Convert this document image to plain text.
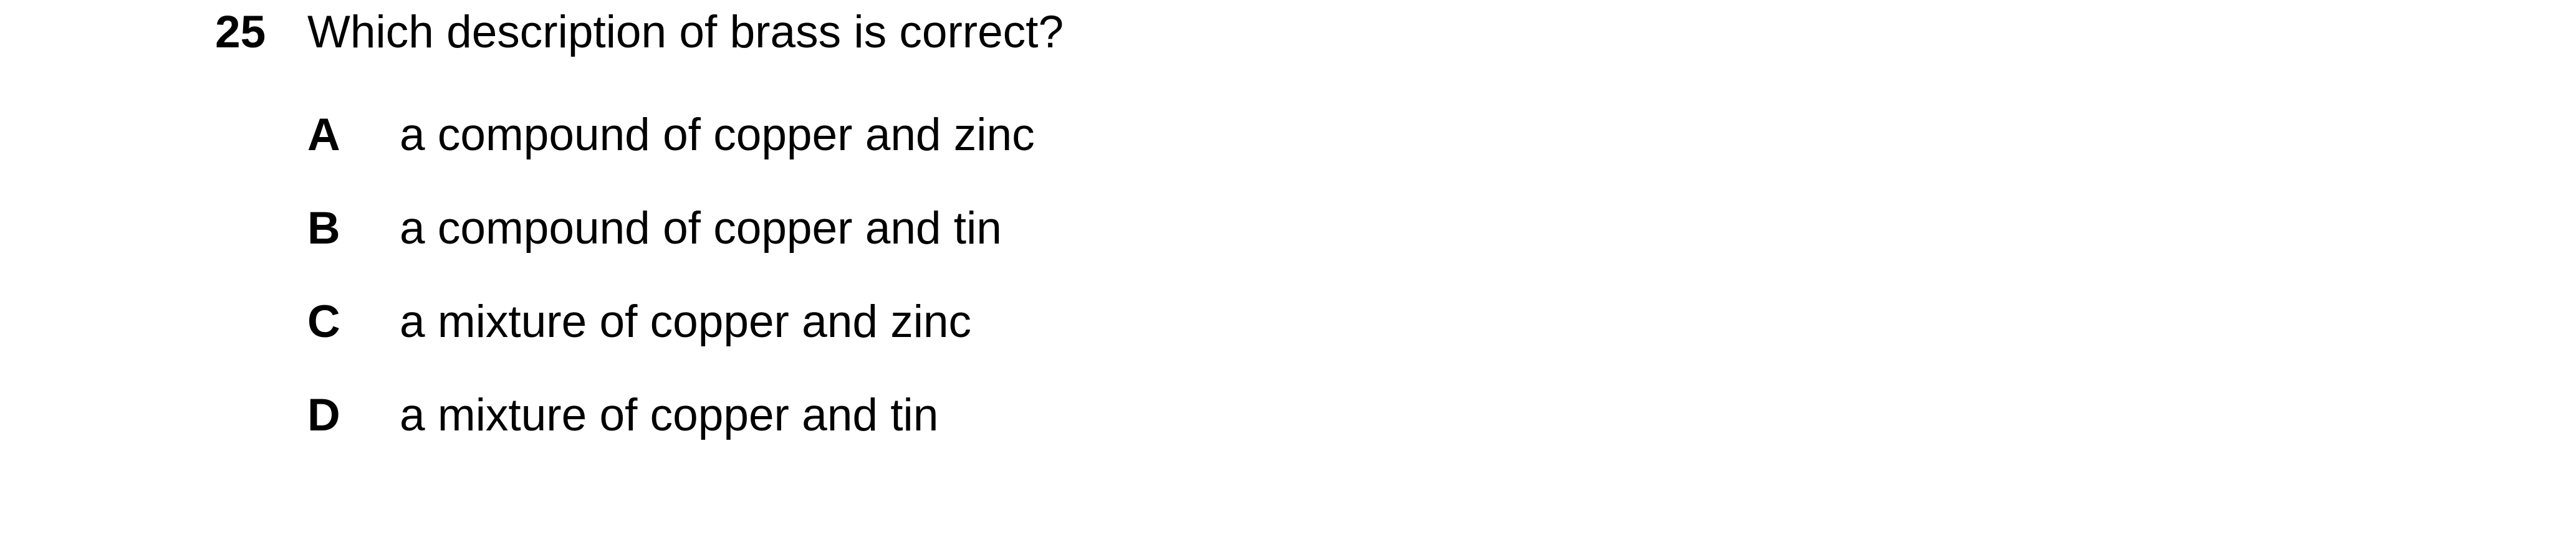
25 Which description of brass is correct?
A	a compound of copper and zinc
B	a compound of copper and tin
C	a mixture of copper and zinc
D	a mixture of copper and tin
